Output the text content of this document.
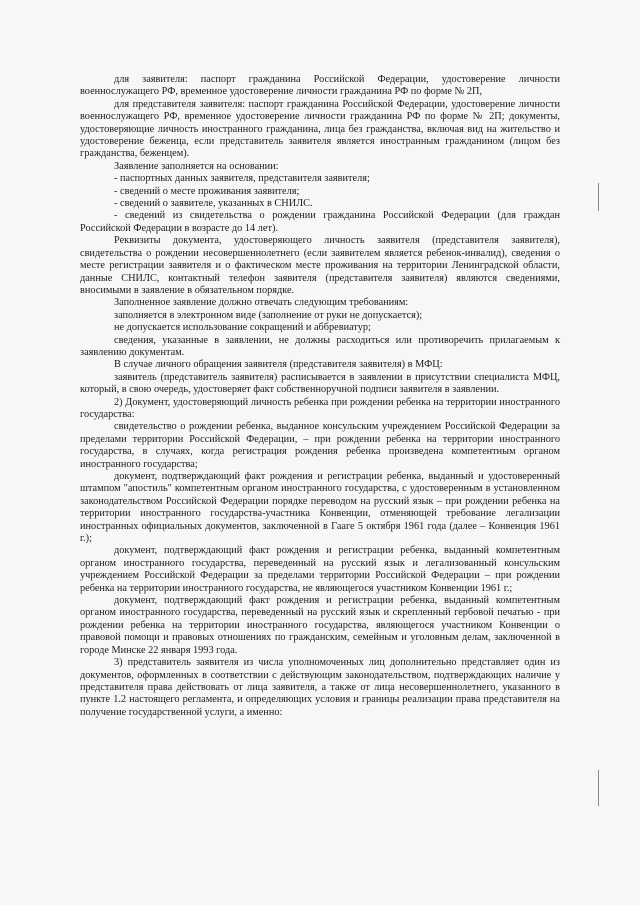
для заявителя: паспорт гражданина Российской Федерации, удостоверение личности военнослужащего РФ, временное удостоверение личности гражданина РФ по форме № 2П,

для представителя заявителя: паспорт гражданина Российской Федерации, удостоверение личности военнослужащего РФ, временное удостоверение личности гражданина РФ по форме № 2П; документы, удостоверяющие личность иностранного гражданина, лица без гражданства, включая вид на жительство и удостоверение беженца, если представитель заявителя является иностранным гражданином (лицом без гражданства, беженцем).

Заявление заполняется на основании:

- паспортных данных заявителя, представителя заявителя;

- сведений о месте проживания заявителя;

- сведений о заявителе, указанных в СНИЛС.

- сведений из свидетельства о рождении гражданина Российской Федерации (для граждан Российской Федерации в возрасте до 14 лет).

Реквизиты документа, удостоверяющего личность заявителя (представителя заявителя), свидетельства о рождении несовершеннолетнего (если заявителем является ребенок-инвалид), сведения о месте регистрации заявителя и о фактическом месте проживания на территории Ленинградской области, данные СНИЛС, контактный телефон заявителя (представителя заявителя) являются сведениями, вносимыми в заявление в обязательном порядке.

Заполненное заявление должно отвечать следующим требованиям:

заполняется в электронном виде (заполнение от руки не допускается);

не допускается использование сокращений и аббревиатур;

сведения, указанные в заявлении, не должны расходиться или противоречить прилагаемым к заявлению документам.

В случае личного обращения заявителя (представителя заявителя) в МФЦ:

заявитель (представитель заявителя) расписывается в заявлении в присутствии специалиста МФЦ, который, в свою очередь, удостоверяет факт собственноручной подписи заявителя в заявлении.

2) Документ, удостоверяющий личность ребенка при рождении ребенка на территории иностранного государства:

свидетельство о рождении ребенка, выданное консульским учреждением Российской Федерации за пределами территории Российской Федерации, – при рождении ребенка на территории иностранного государства, в случаях, когда регистрация рождения ребенка произведена компетентным органом иностранного государства;

документ, подтверждающий факт рождения и регистрации ребенка, выданный и удостоверенный штампом "апостиль" компетентным органом иностранного государства, с удостоверенным в установленном законодательством Российской Федерации порядке переводом на русский язык – при рождении ребенка на территории иностранного государства-участника Конвенции, отменяющей требование легализации иностранных официальных документов, заключенной в Гааге 5 октября 1961 года (далее – Конвенция 1961 г.);

документ, подтверждающий факт рождения и регистрации ребенка, выданный компетентным органом иностранного государства, переведенный на русский язык и легализованный консульским учреждением Российской Федерации за пределами территории Российской Федерации – при рождении ребенка на территории иностранного государства, не являющегося участником Конвенции 1961 г.;

документ, подтверждающий факт рождения и регистрации ребенка, выданный компетентным органом иностранного государства, переведенный на русский язык и скрепленный гербовой печатью - при рождении ребенка на территории иностранного государства, являющегося участником Конвенции о правовой помощи и правовых отношениях по гражданским, семейным и уголовным делам, заключенной в городе Минске 22 января 1993 года.

3) представитель заявителя из числа уполномоченных лиц дополнительно представляет один из документов, оформленных в соответствии с действующим законодательством, подтверждающих наличие у представителя права действовать от лица заявителя, а также от лица несовершеннолетнего, указанного в пункте 1.2 настоящего регламента, и определяющих условия и границы реализации права представителя на получение государственной услуги, а именно:
